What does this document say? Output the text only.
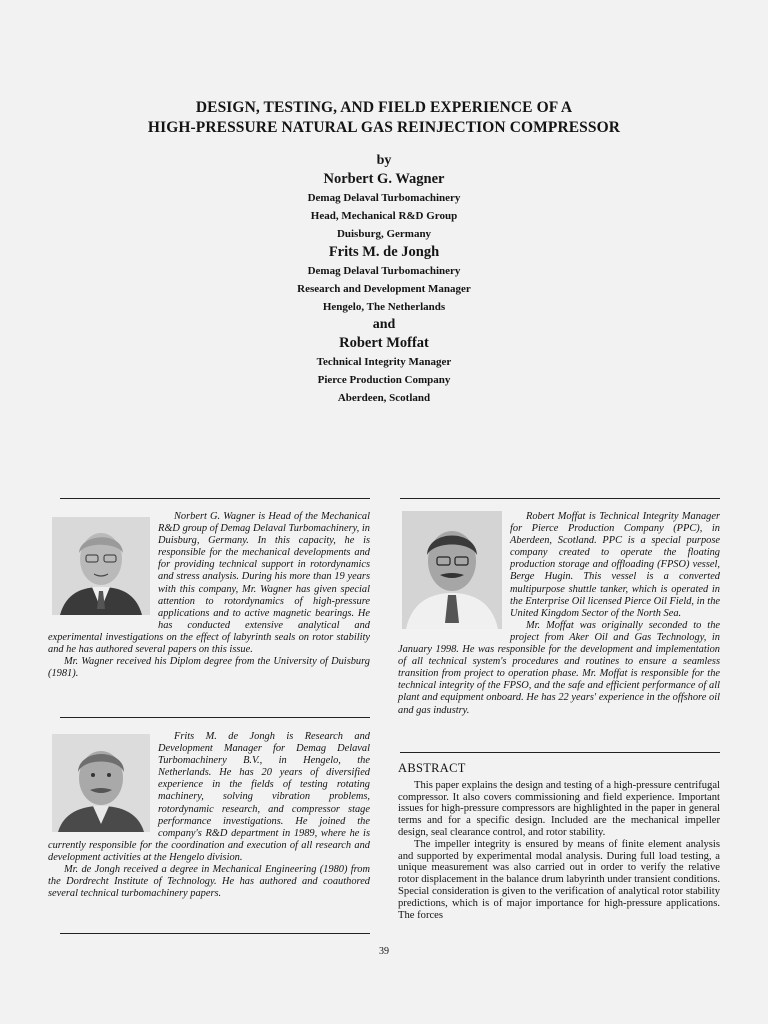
DESIGN, TESTING, AND FIELD EXPERIENCE OF A
HIGH-PRESSURE NATURAL GAS REINJECTION COMPRESSOR
by
Norbert G. Wagner
Demag Delaval Turbomachinery
Head, Mechanical R&D Group
Duisburg, Germany
Frits M. de Jongh
Demag Delaval Turbomachinery
Research and Development Manager
Hengelo, The Netherlands
and
Robert Moffat
Technical Integrity Manager
Pierce Production Company
Aberdeen, Scotland

Norbert G. Wagner is Head of the Mechanical R&D group of Demag Delaval Turbomachinery, in Duisburg, Germany. In this capacity, he is responsible for the mechanical developments and for providing technical support in rotordynamics and stress analysis. During his more than 19 years with this company, Mr. Wagner has given special attention to rotordynamics of high-pressure applications and to active magnetic bearings. He has conducted extensive analytical and experimental investigations on the effect of labyrinth seals on rotor stability and he has authored several papers on this issue.

Mr. Wagner received his Diplom degree from the University of Duisburg (1981).

Frits M. de Jongh is Research and Development Manager for Demag Delaval Turbomachinery B.V., in Hengelo, the Netherlands. He has 20 years of diversified experience in the fields of testing rotating machinery, solving vibration problems, rotordynamic research, and compressor stage performance investigations. He joined the company's R&D department in 1989, where he is currently responsible for the coordination and execution of all research and development activities at the Hengelo division.

Mr. de Jongh received a degree in Mechanical Engineering (1980) from the Dordrecht Institute of Technology. He has authored and coauthored several technical turbomachinery papers.

Robert Moffat is Technical Integrity Manager for Pierce Production Company (PPC), in Aberdeen, Scotland. PPC is a special purpose company created to operate the floating production storage and offloading (FPSO) vessel, Berge Hugin. This vessel is a converted multipurpose shuttle tanker, which is operated in the Enterprise Oil licensed Pierce Oil Field, in the United Kingdom Sector of the North Sea.

Mr. Moffat was originally seconded to the project from Aker Oil and Gas Technology, in January 1998. He was responsible for the development and implementation of all technical system's procedures and routines to ensure a seamless transition from project to operation phase. Mr. Moffat is responsible for the technical integrity of the FPSO, and the safe and efficient performance of all plant and equipment onboard. He has 22 years' experience in the offshore oil and gas industry.

ABSTRACT

This paper explains the design and testing of a high-pressure centrifugal compressor. It also covers commissioning and field experience. Important issues for high-pressure compressors are highlighted in the paper in general terms and for a specific design. Included are the mechanical impeller design, seal clearance control, and rotor stability.

The impeller integrity is ensured by means of finite element analysis and supported by experimental modal analysis. During full load testing, a unique measurement was also carried out in order to verify the relative rotor displacement in the balance drum labyrinth under transient conditions. Special consideration is given to the verification of analytical rotor stability predictions, which is of major importance for high-pressure applications. The forces

39
